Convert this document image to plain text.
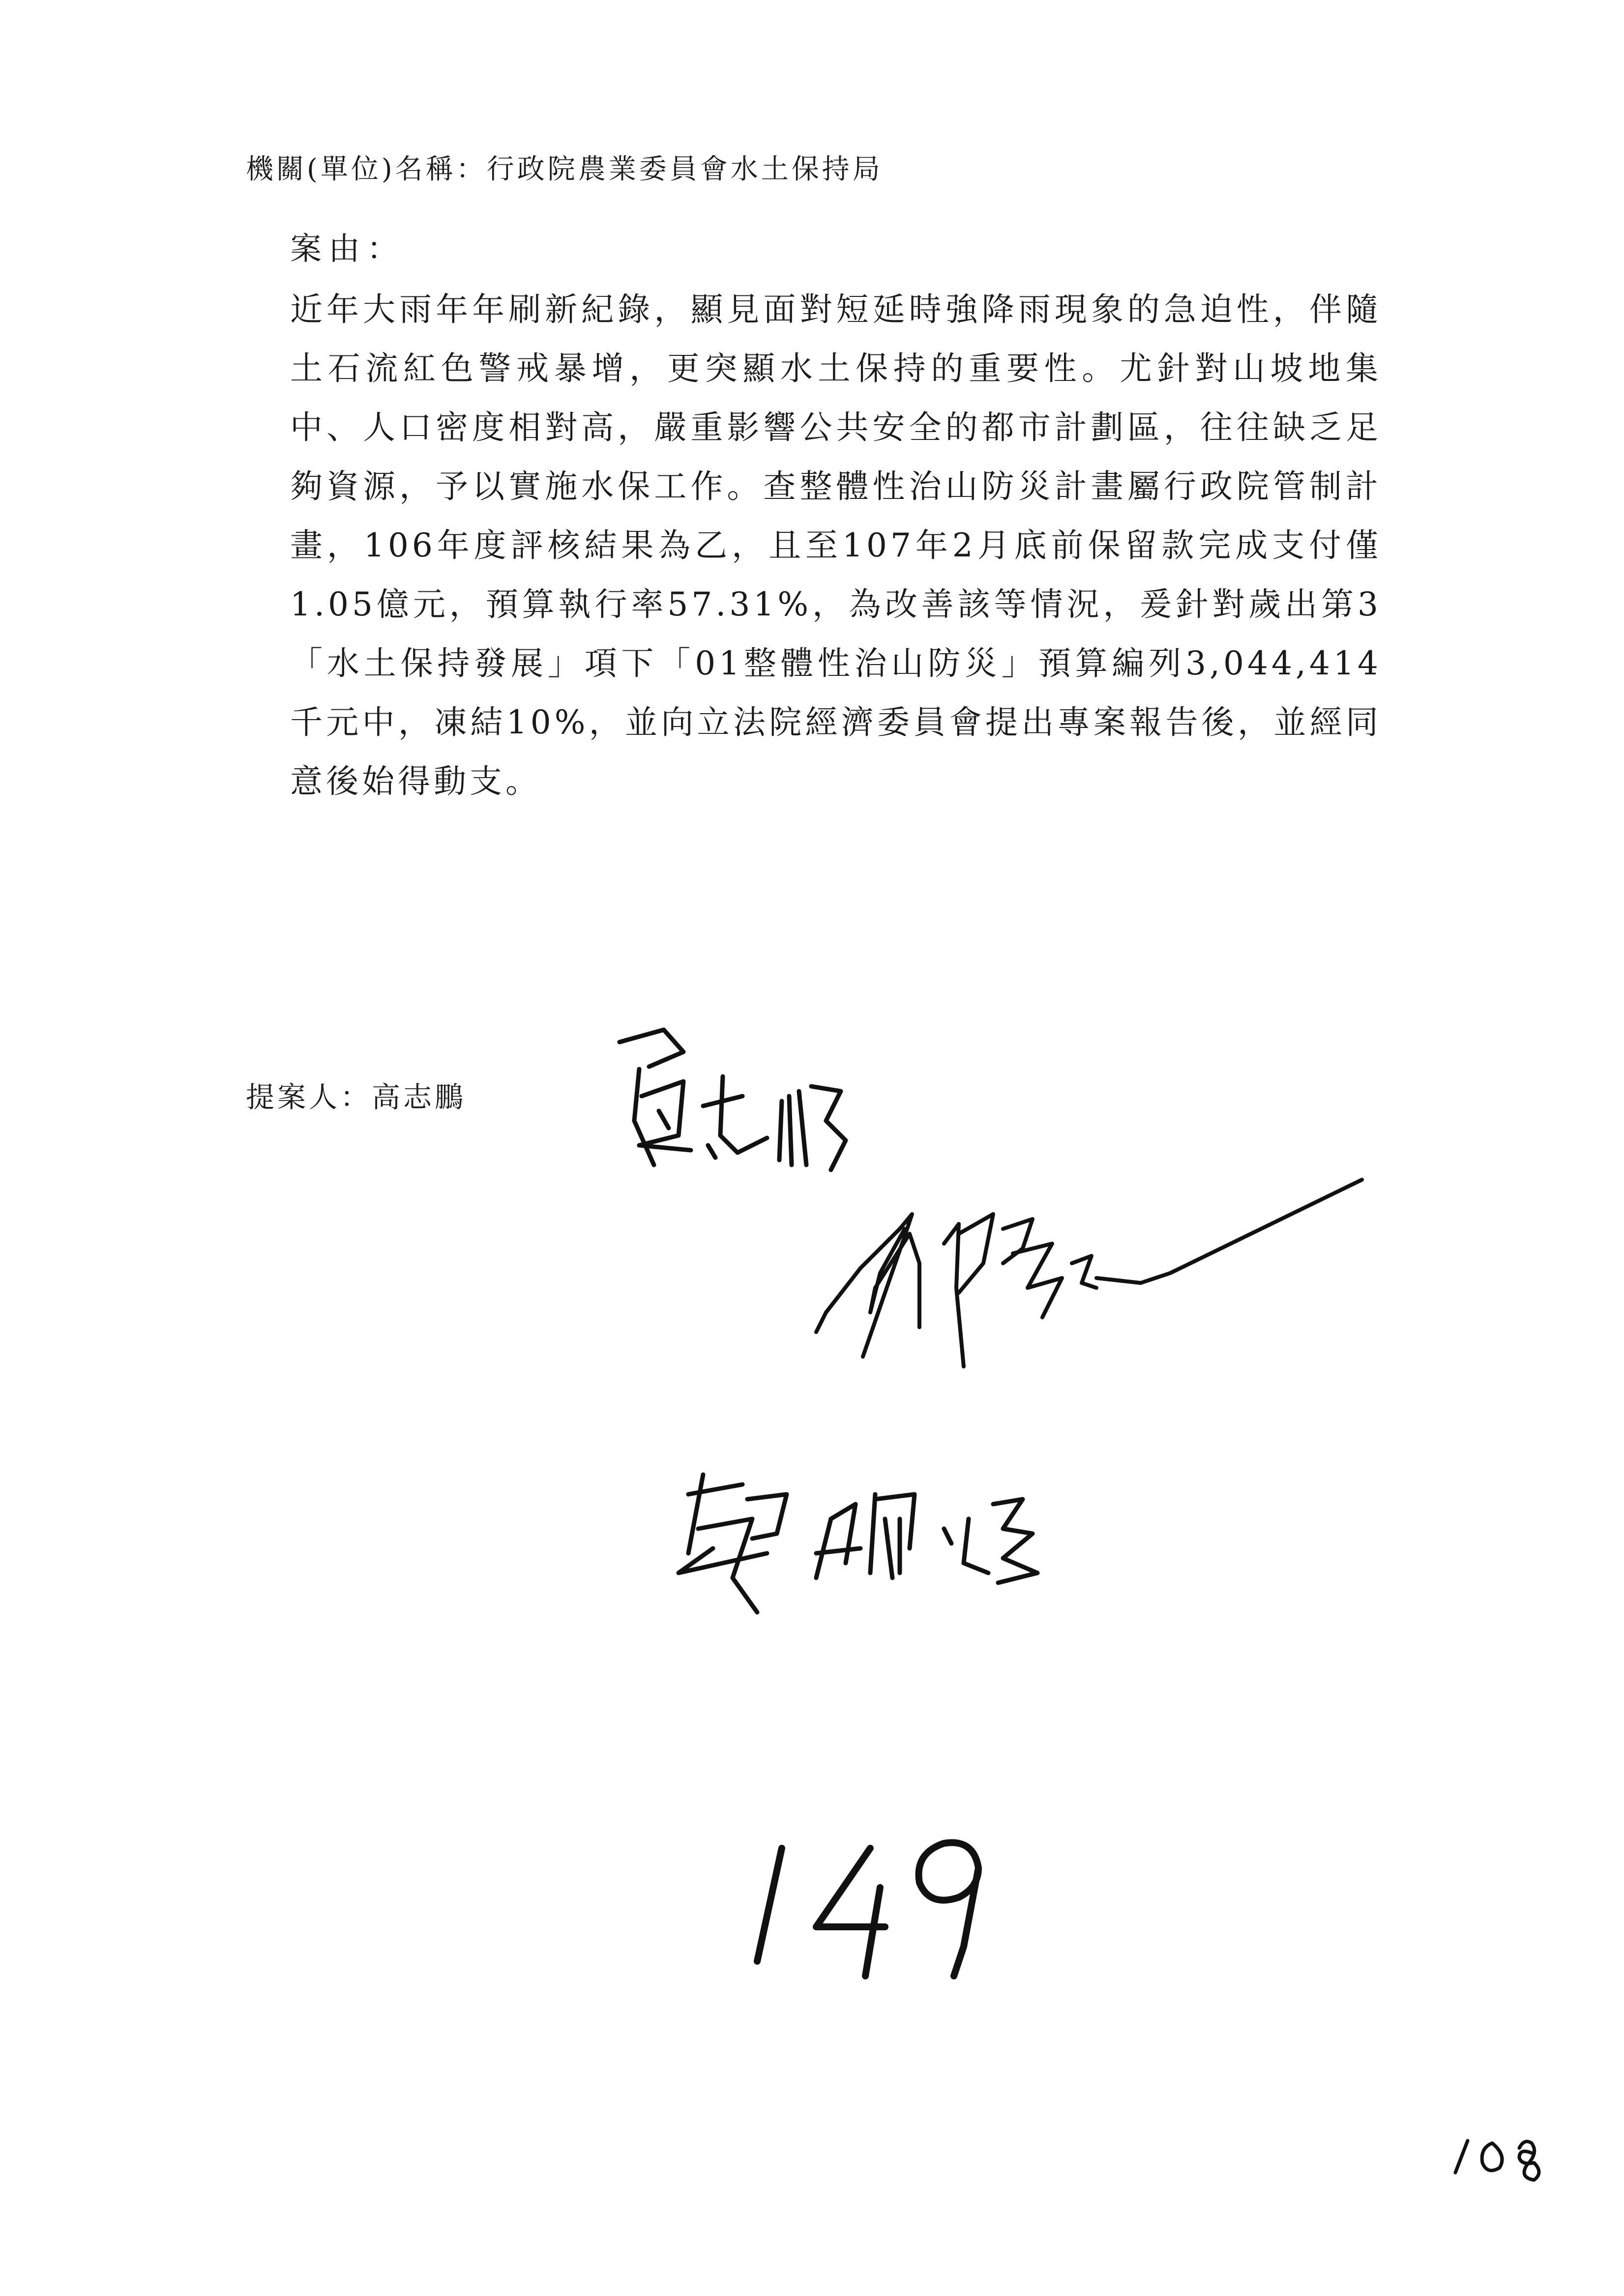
機關(單位)名稱：行政院農業委員會水土保持局
案由：

近年大雨年年刷新紀錄，顯見面對短延時強降雨現象的急迫性，伴隨土石流紅色警戒暴增，更突顯水土保持的重要性。尤針對山坡地集中、人口密度相對高，嚴重影響公共安全的都市計劃區，往往缺乏足夠資源，予以實施水保工作。查整體性治山防災計畫屬行政院管制計畫，106年度評核結果為乙，且至107年2月底前保留款完成支付僅1.05億元，預算執行率57.31%，為改善該等情況，爰針對歲出第3「水土保持發展」項下「01整體性治山防災」預算編列3,044,414千元中，凍結10%，並向立法院經濟委員會提出專案報告後，並經同意後始得動支。

提案人：高志鵬
